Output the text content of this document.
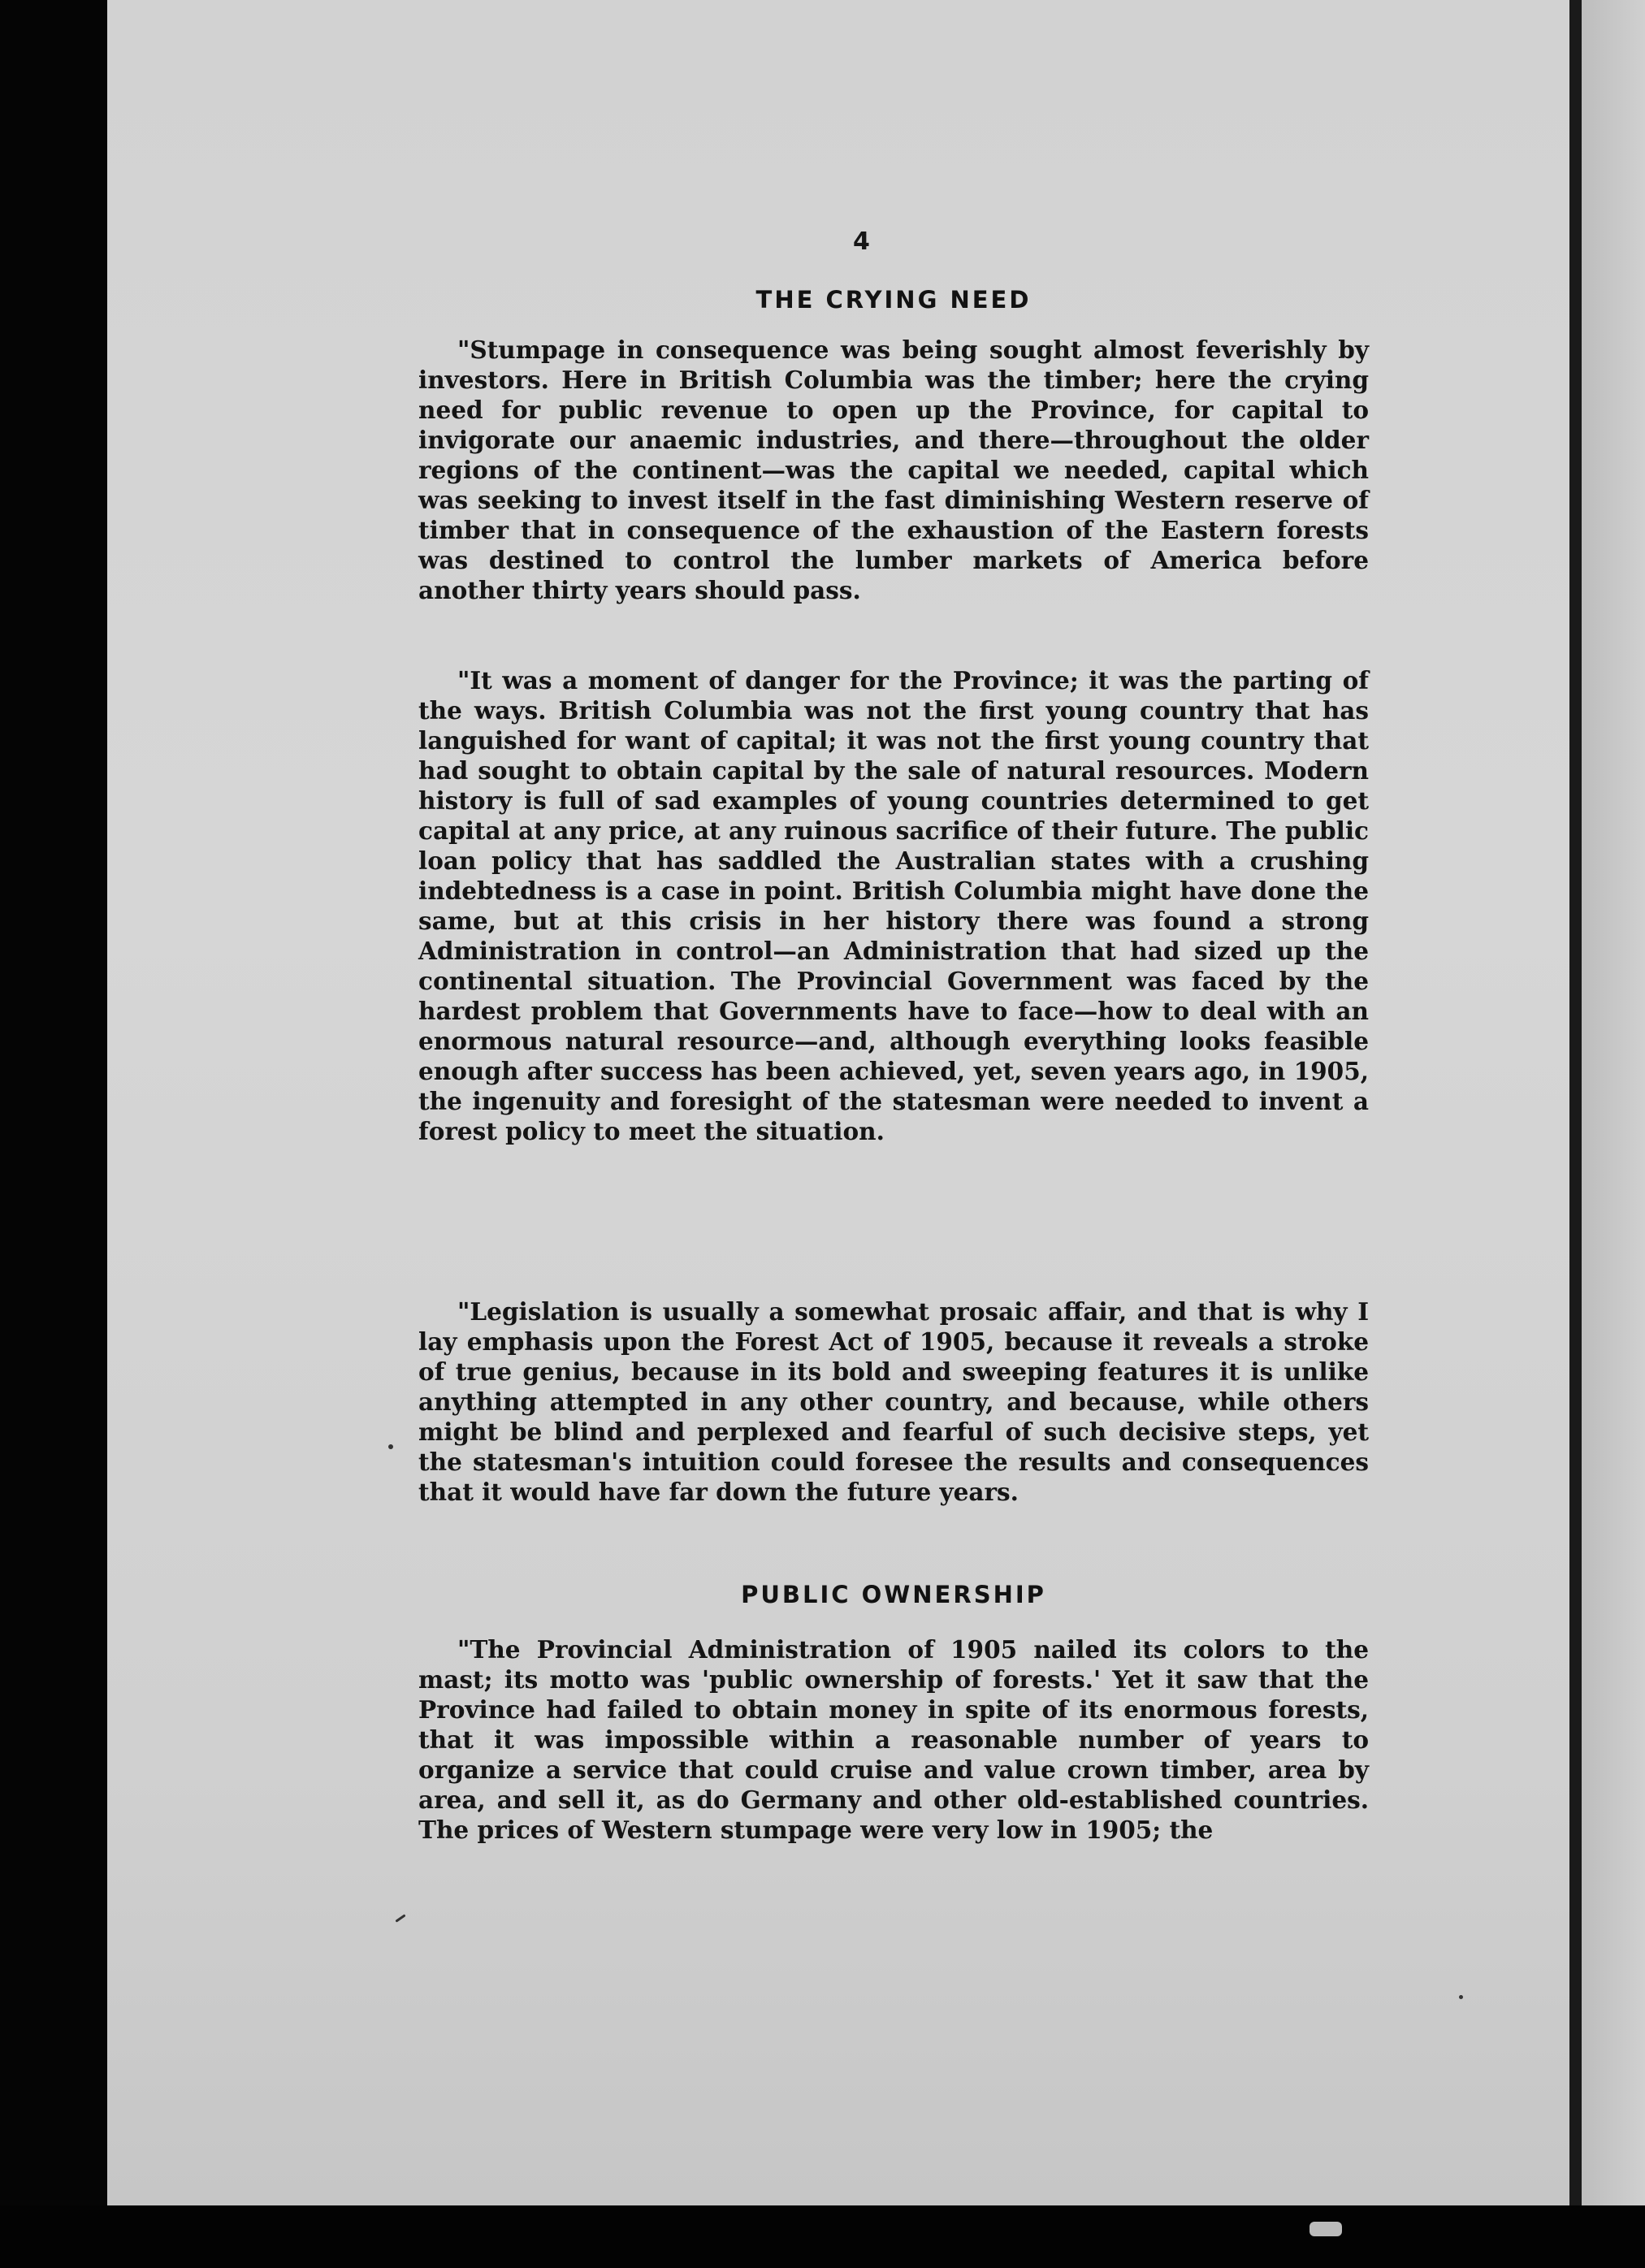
4
THE CRYING NEED

"Stumpage in consequence was being sought almost feverishly by investors. Here in British Columbia was the timber; here the crying need for public revenue to open up the Province, for capital to invigorate our anaemic industries, and there—throughout the older regions of the continent—was the capital we needed, capital which was seeking to invest itself in the fast diminishing Western reserve of timber that in consequence of the exhaustion of the Eastern forests was destined to control the lumber markets of America before another thirty years should pass.

"It was a moment of danger for the Province; it was the parting of the ways. British Columbia was not the first young country that has languished for want of capital; it was not the first young country that had sought to obtain capital by the sale of natural resources. Modern history is full of sad examples of young countries determined to get capital at any price, at any ruinous sacrifice of their future. The public loan policy that has saddled the Australian states with a crushing indebtedness is a case in point. British Columbia might have done the same, but at this crisis in her history there was found a strong Administration in control—an Administration that had sized up the continental situation. The Provincial Government was faced by the hardest problem that Governments have to face—how to deal with an enormous natural resource—and, although everything looks feasible enough after success has been achieved, yet, seven years ago, in 1905, the ingenuity and foresight of the statesman were needed to invent a forest policy to meet the situation.

"Legislation is usually a somewhat prosaic affair, and that is why I lay emphasis upon the Forest Act of 1905, because it reveals a stroke of true genius, because in its bold and sweeping features it is unlike anything attempted in any other country, and because, while others might be blind and perplexed and fearful of such decisive steps, yet the statesman's intuition could foresee the results and consequences that it would have far down the future years.

PUBLIC OWNERSHIP

"The Provincial Administration of 1905 nailed its colors to the mast; its motto was 'public ownership of forests.' Yet it saw that the Province had failed to obtain money in spite of its enormous forests, that it was impossible within a reasonable number of years to organize a service that could cruise and value crown timber, area by area, and sell it, as do Germany and other old-established countries. The prices of Western stumpage were very low in 1905; the
